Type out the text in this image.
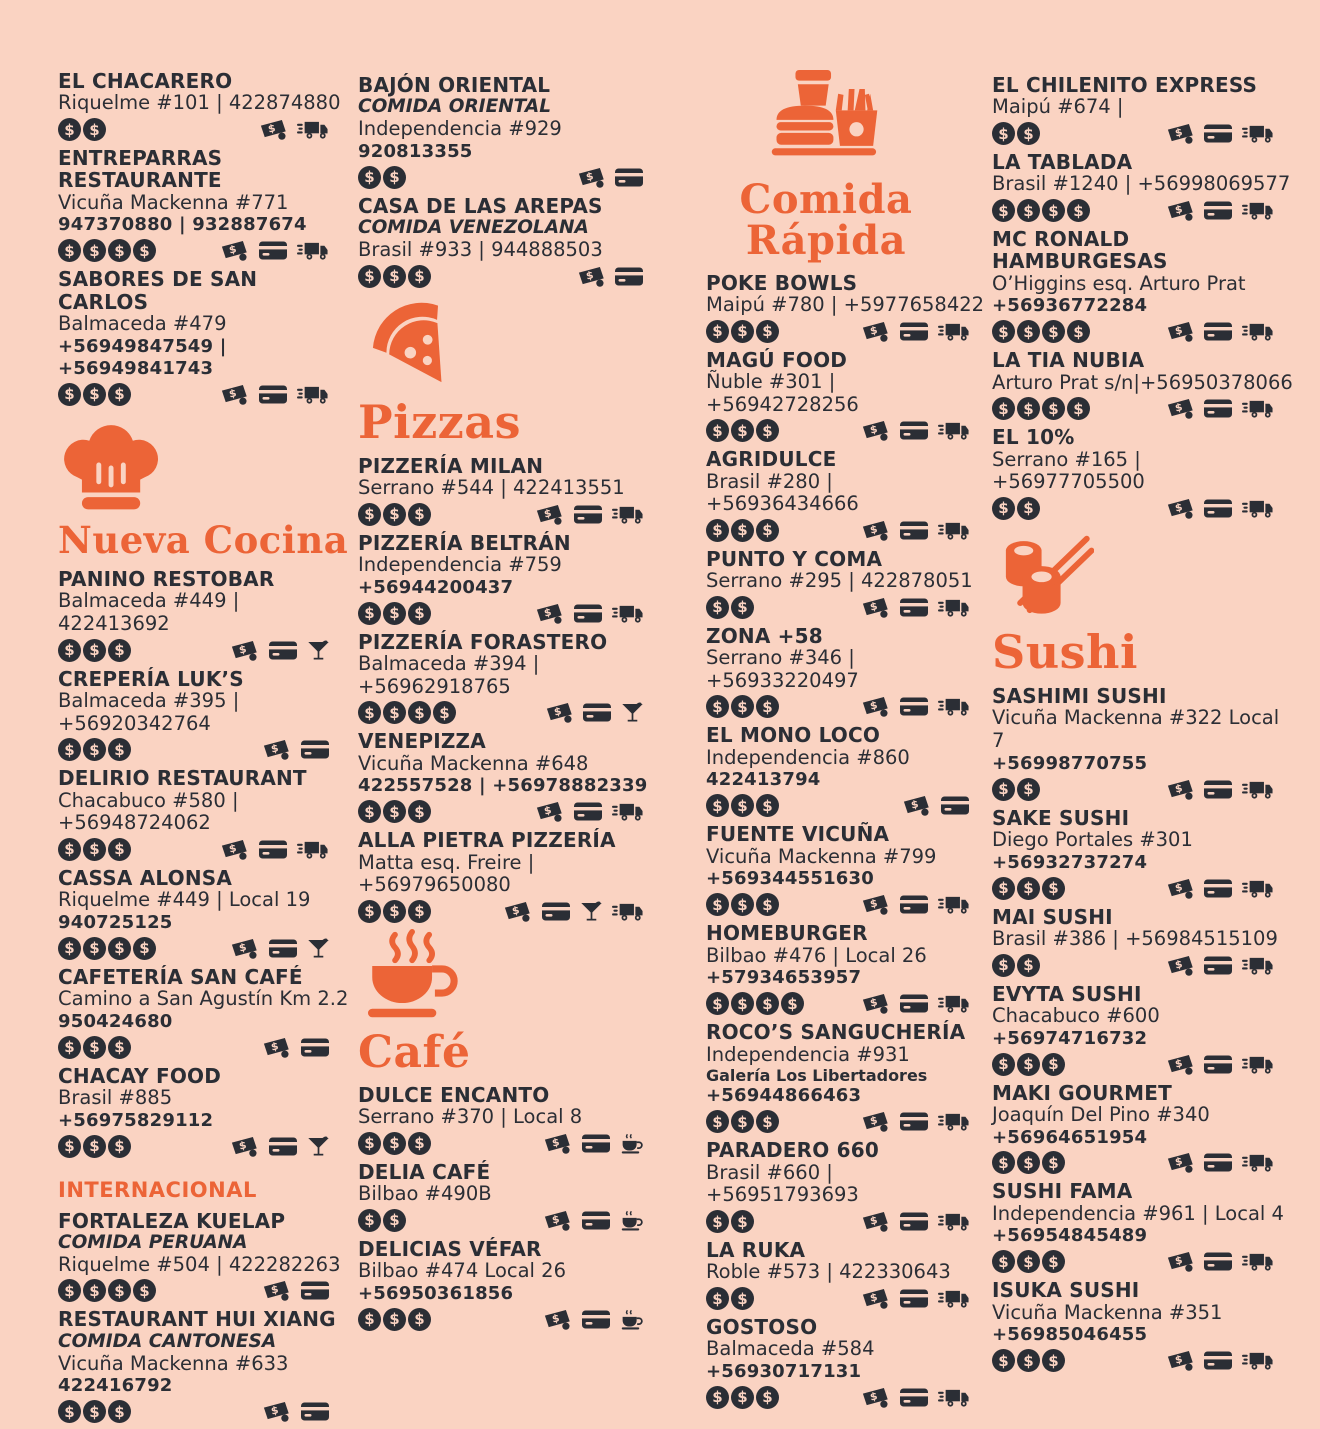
EL CHACARERO
Riquelme #101 | 422874880
$ $	$
ENTREPARRAS RESTAURANTE
Vicuña Mackenna #771
947370880 | 932887674
$ $ $ $	$
SABORES DE SAN CARLOS
Balmaceda #479
+56949847549 | +56949841743
$ $ $	$
Nueva Cocina
PANINO RESTOBAR
Balmaceda #449 | 422413692
$ $ $	$
CREPERÍA LUK’S
Balmaceda #395 | +56920342764
$ $ $	$
DELIRIO RESTAURANT
Chacabuco #580 | +56948724062
$ $ $	$
CASSA ALONSA
Riquelme #449 | Local 19
940725125
$ $ $ $	$
CAFETERÍA SAN CAFÉ
Camino a San Agustín Km 2.2
950424680
$ $ $	$
CHACAY FOOD
Brasil #885
+56975829112
$ $ $	$
INTERNACIONAL
FORTALEZA KUELAP
COMIDA PERUANA
Riquelme #504 | 422282263
$ $ $ $	$
RESTAURANT HUI XIANG
COMIDA CANTONESA
Vicuña Mackenna #633
422416792
$ $ $	$
BAJÓN ORIENTAL
COMIDA ORIENTAL
Independencia #929
920813355
$ $	$
CASA DE LAS AREPAS
COMIDA VENEZOLANA
Brasil #933 | 944888503
$ $ $	$
Pizzas
PIZZERÍA MILAN
Serrano #544 | 422413551
$ $ $	$
PIZZERÍA BELTRÁN
Independencia #759
+56944200437
$ $ $	$
PIZZERÍA FORASTERO
Balmaceda #394 | +56962918765
$ $ $ $	$
VENEPIZZA
Vicuña Mackenna #648
422557528 | +56978882339
$ $ $	$
ALLA PIETRA PIZZERÍA
Matta esq. Freire | +56979650080
$ $ $	$
Café
DULCE ENCANTO
Serrano #370 | Local 8
$ $ $	$
DELIA CAFÉ
Bilbao #490B
$ $	$
DELICIAS VÉFAR
Bilbao #474 Local 26
+56950361856
$ $ $	$
Comida Rápida
POKE BOWLS
Maipú #780 | +5977658422
$ $ $	$
MAGÚ FOOD
Ñuble #301 | +56942728256
$ $ $	$
AGRIDULCE
Brasil #280 | +56936434666
$ $ $	$
PUNTO Y COMA
Serrano #295 | 422878051
$ $	$
ZONA +58
Serrano #346 | +56933220497
$ $ $	$
EL MONO LOCO
Independencia #860
422413794
$ $ $	$
FUENTE VICUÑA
Vicuña Mackenna #799
+569344551630
$ $ $	$
HOMEBURGER
Bilbao #476 | Local 26
+57934653957
$ $ $ $	$
ROCO’S SANGUCHERÍA
Independencia #931
Galería Los Libertadores
+56944866463
$ $ $	$
PARADERO 660
Brasil #660 | +56951793693
$ $	$
LA RUKA
Roble #573 | 422330643
$ $	$
GOSTOSO
Balmaceda #584
+56930717131
$ $ $	$
EL CHILENITO EXPRESS
Maipú #674 |
$ $	$
LA TABLADA
Brasil #1240 | +56998069577
$ $ $ $	$
MC RONALD HAMBURGESAS
O’Higgins esq. Arturo Prat
+56936772284
$ $ $ $	$
LA TIA NUBIA
Arturo Prat s/n|+56950378066
$ $ $ $	$
EL 10%
Serrano #165 | +56977705500
$ $	$
Sushi
SASHIMI SUSHI
Vicuña Mackenna #322 Local 7
+56998770755
$ $	$
SAKE SUSHI
Diego Portales #301
+56932737274
$ $ $	$
MAI SUSHI
Brasil #386 | +56984515109
$ $	$
EVYTA SUSHI
Chacabuco #600
+56974716732
$ $ $	$
MAKI GOURMET
Joaquín Del Pino #340
+56964651954
$ $ $	$
SUSHI FAMA
Independencia #961 | Local 4
+56954845489
$ $ $	$
ISUKA SUSHI
Vicuña Mackenna #351
+56985046455
$ $ $	$
